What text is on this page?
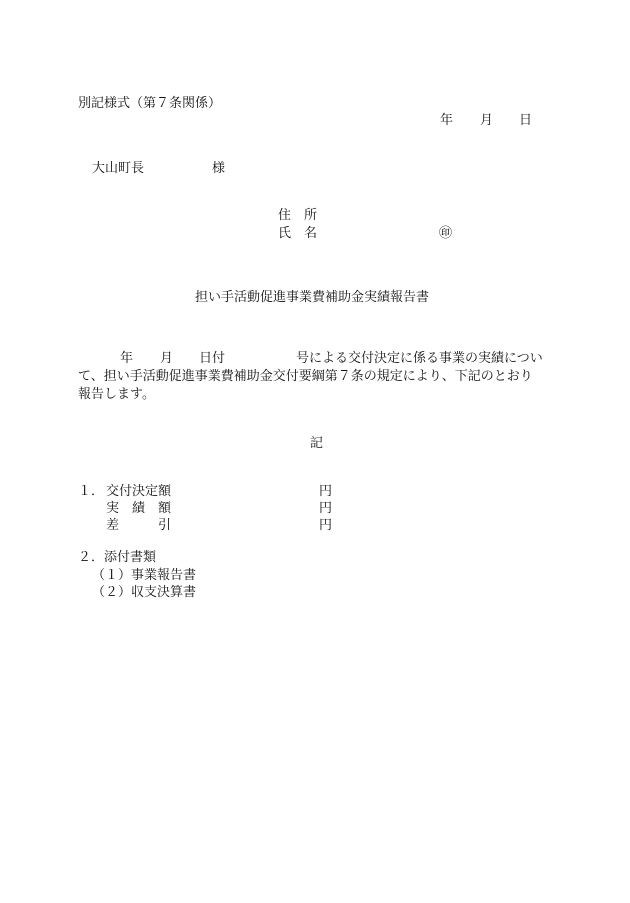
別記様式（第７条関係）
年 月 日
大山町長	様
住　所
氏　名	㊞
担い手活動促進事業費補助金実績報告書
年 月 日付	号による交付決定に係る事業の実績につい
て、担い手活動促進事業費補助金交付要綱第７条の規定により、下記のとおり
報告します。
記
１． 交付決定額	円
実　績　額	円
差　　　引	円
２．添付書類
（１）事業報告書
（２）収支決算書
